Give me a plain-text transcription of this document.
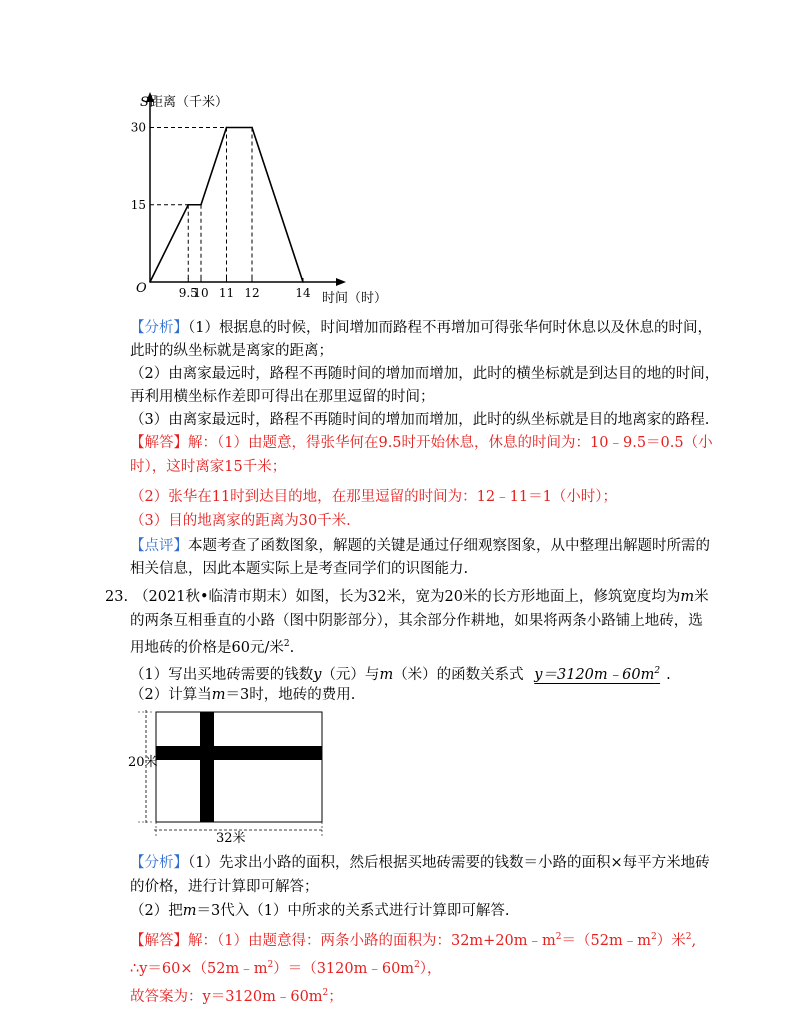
S 距离（千米）
时间（时）
O
15
30
9.5
10 11 12	14
【分析】（1）根据息的时候，时间增加而路程不再增加可得张华何时休息以及休息的时间，
此时的纵坐标就是离家的距离；
（2）由离家最远时，路程不再随时间的增加而增加，此时的横坐标就是到达目的地的时间，
再利用横坐标作差即可得出在那里逗留的时间；
（3）由离家最远时，路程不再随时间的增加而增加，此时的纵坐标就是目的地离家的路程.
【解答】解：（1）由题意，得张华何在9.5时开始休息，休息的时间为：10﹣9.5＝0.5（小
时），这时离家15千米；
（2）张华在11时到达目的地，在那里逗留的时间为：12﹣11＝1（小时）；
（3）目的地离家的距离为30千米.
【点评】本题考查了函数图象，解题的关键是通过仔细观察图象，从中整理出解题时所需的
相关信息，因此本题实际上是考查同学们的识图能力.
23. （2021秋•临清市期末）如图，长为32米，宽为20米的长方形地面上，修筑宽度均为m米
的两条互相垂直的小路（图中阴影部分），其余部分作耕地，如果将两条小路铺上地砖，选
用地砖的价格是60元/米$^2$.
（1）写出买地砖需要的钱数y（元）与m（米）的函数关系式 $y=3120m﹣60m^2$ .
（2）计算当m＝3时，地砖的费用.
20米
32米
【分析】（1）先求出小路的面积，然后根据买地砖需要的钱数＝小路的面积×每平方米地砖
的价格，进行计算即可解答；
（2）把m＝3代入（1）中所求的关系式进行计算即可解答.
【解答】解：（1）由题意得：两条小路的面积为：$32m+20m﹣m^2=(52m﹣m^2)$米$^2$,
$\therefore y=60\times(52m﹣m^2)=(3120m﹣60m^2)$，
故答案为：$y=3120m﹣60m^2$；
